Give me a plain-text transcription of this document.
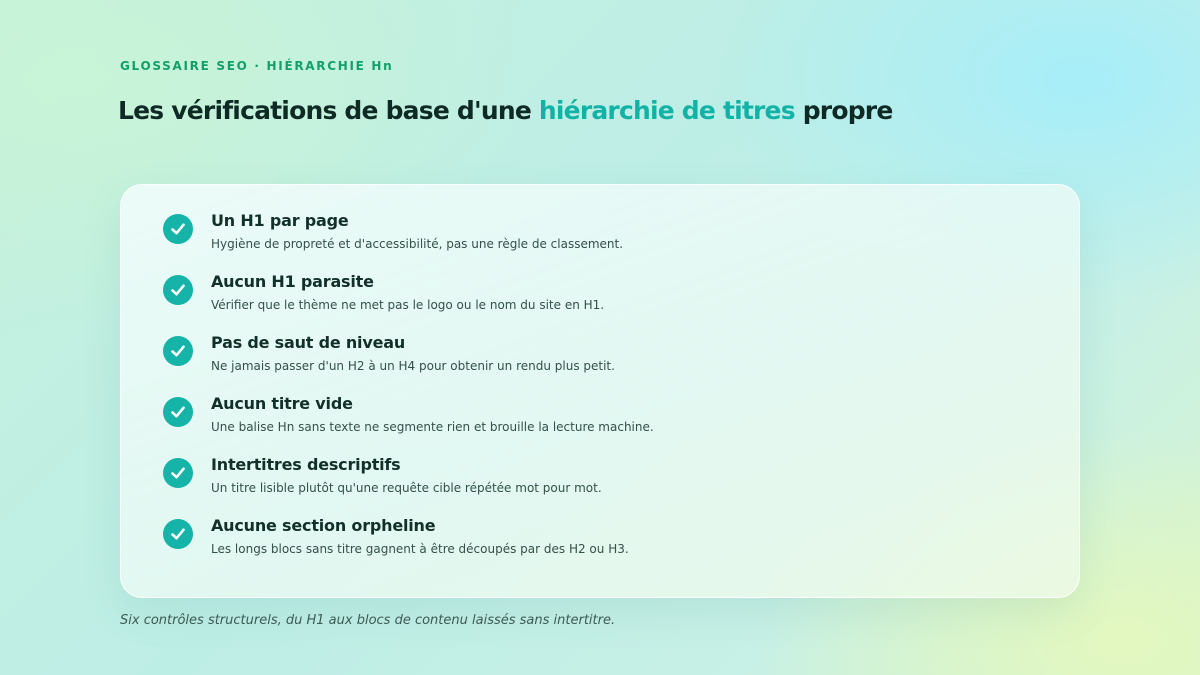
GLOSSAIRE SEO · HIÉRARCHIE Hn
Les vérifications de base d'une hiérarchie de titres propre
Un H1 par page
Hygiène de propreté et d'accessibilité, pas une règle de classement.
Aucun H1 parasite
Vérifier que le thème ne met pas le logo ou le nom du site en H1.
Pas de saut de niveau
Ne jamais passer d'un H2 à un H4 pour obtenir un rendu plus petit.
Aucun titre vide
Une balise Hn sans texte ne segmente rien et brouille la lecture machine.
Intertitres descriptifs
Un titre lisible plutôt qu'une requête cible répétée mot pour mot.
Aucune section orpheline
Les longs blocs sans titre gagnent à être découpés par des H2 ou H3.
Six contrôles structurels, du H1 aux blocs de contenu laissés sans intertitre.
